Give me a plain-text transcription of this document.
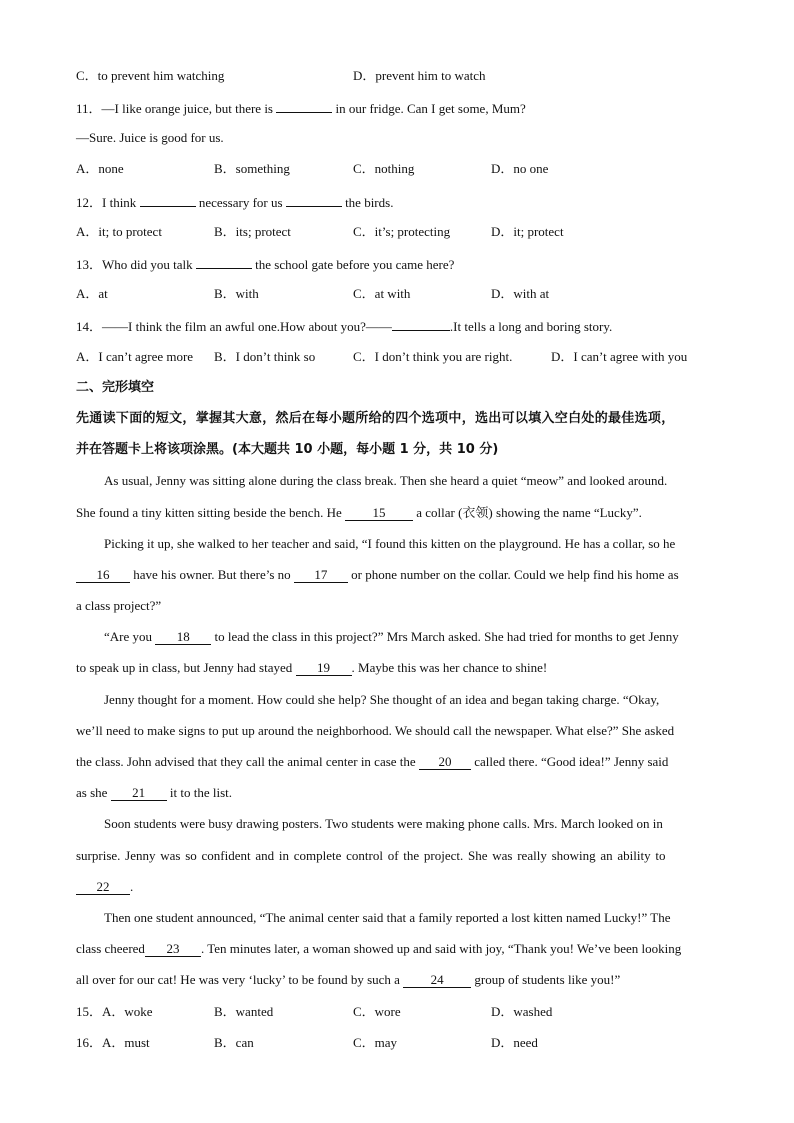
C．to prevent him watching	D．prevent him to watch
11．—I like orange juice, but there is	in our fridge. Can I get some, Mum?
—Sure. Juice is good for us.
A．none	B．something	C．nothing	D．no one
12．I think	necessary for us	the birds.
A．it; to protect	B．its; protect	C．it’s; protecting	D．it; protect
13．Who did you talk	the school gate before you came here?
A．at	B．with	C．at with	D．with at
14．——I think the film an awful one.How about you?——	.It tells a long and boring story.
A．I can’t agree more B．I don’t think so	C．I don’t think you are right.	D．I can’t agree with you
二、完形填空
先通读下面的短文，掌握其大意，然后在每小题所给的四个选项中，选出可以填入空白处的最佳选项，
并在答题卡上将该项涂黑。(本大题共 10 小题，每小题 1 分，共 10 分)
As usual, Jenny was sitting alone during the class break. Then she heard a quiet “meow” and looked around.
She found a tiny kitten sitting beside the bench. He 15 a collar (衣领) showing the name “Lucky”.
Picking it up, she walked to her teacher and said, “I found this kitten on the playground. He has a collar, so he
16 have his owner. But there’s no 17 or phone number on the collar. Could we help find his home as
a class project?”
“Are you 18 to lead the class in this project?” Mrs March asked. She had tried for months to get Jenny
to speak up in class, but Jenny had stayed 19 . Maybe this was her chance to shine!
Jenny thought for a moment. How could she help? She thought of an idea and began taking charge. “Okay,
we’ll need to make signs to put up around the neighborhood. We should call the newspaper. What else?” She asked
the class. John advised that they call the animal center in case the 20 called there. “Good idea!” Jenny said
as she 21 it to the list.
Soon students were busy drawing posters. Two students were making phone calls. Mrs. March looked on in
surprise. Jenny was so confident and in complete control of the project. She was really showing an ability to
22 .
Then one student announced, “The animal center said that a family reported a lost kitten named Lucky!” The
class cheered 23 . Ten minutes later, a woman showed up and said with joy, “Thank you! We’ve been looking
all over for our cat! He was very ‘lucky’ to be found by such a 24 group of students like you!”
15．A．woke	B．wanted	C．wore	D．washed
16．A．must	B．can	C．may	D．need
